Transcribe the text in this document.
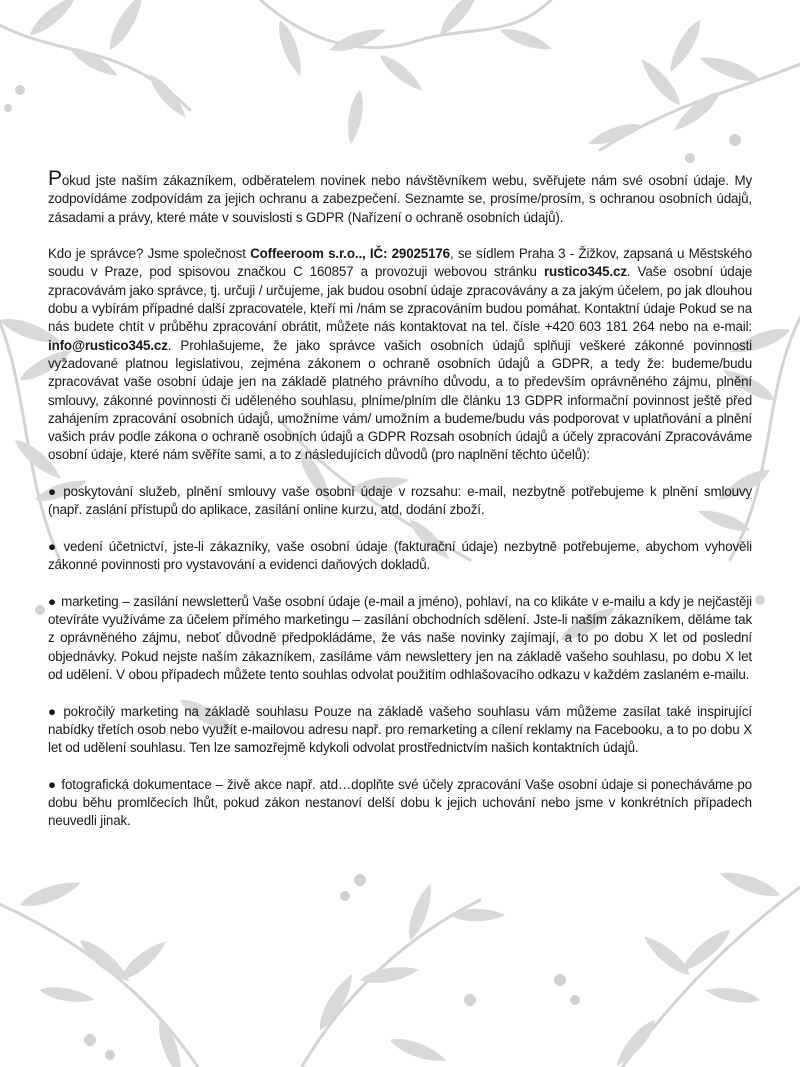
Pokud jste naším zákazníkem, odběratelem novinek nebo návštěvníkem webu, svěřujete nám své osobní údaje. My zodpovídáme zodpovídám za jejich ochranu a zabezpečení. Seznamte se, prosíme/prosím, s ochranou osobních údajů, zásadami a právy, které máte v souvislosti s GDPR (Nařízení o ochraně osobních údajů).

Kdo je správce? Jsme společnost Coffeeroom s.r.o.., IČ: 29025176, se sídlem Praha 3 - Žižkov, zapsaná u Městského soudu v Praze, pod spisovou značkou C 160857 a provozuji webovou stránku rustico345.cz. Vaše osobní údaje zpracovávám jako správce, tj. určuji / určujeme, jak budou osobní údaje zpracovávány a za jakým účelem, po jak dlouhou dobu a vybírám případné další zpracovatele, kteří mi /nám se zpracováním budou pomáhat. Kontaktní údaje Pokud se na nás budete chtít v průběhu zpracování obrátit, můžete nás kontaktovat na tel. čísle +420 603 181 264 nebo na e-mail: info@rustico345.cz. Prohlašujeme, že jako správce vašich osobních údajů splňuji veškeré zákonné povinnosti vyžadované platnou legislativou, zejména zákonem o ochraně osobních údajů a GDPR, a tedy že: budeme/budu zpracovávat vaše osobní údaje jen na základě platného právního důvodu, a to především oprávněného zájmu, plnění smlouvy, zákonné povinnosti či uděleného souhlasu, plníme/plním dle článku 13 GDPR informační povinnost ještě před zahájením zpracování osobních údajů, umožníme vám/ umožním a budeme/budu vás podporovat v uplatňování a plnění vašich práv podle zákona o ochraně osobních údajů a GDPR Rozsah osobních údajů a účely zpracování Zpracováváme osobní údaje, které nám svěříte sami, a to z následujících důvodů (pro naplnění těchto účelů):

● poskytování služeb, plnění smlouvy vaše osobní údaje v rozsahu: e-mail, nezbytně potřebujeme k plnění smlouvy (např. zaslání přístupů do aplikace, zasílání online kurzu, atd, dodání zboží.

● vedení účetnictví, jste-li zákazníky, vaše osobní údaje (fakturační údaje) nezbytně potřebujeme, abychom vyhověli zákonné povinnosti pro vystavování a evidenci daňových dokladů.

● marketing – zasílání newsletterů Vaše osobní údaje (e-mail a jméno), pohlaví, na co klikáte v e-mailu a kdy je nejčastěji otevíráte využíváme za účelem přímého marketingu – zasílání obchodních sdělení. Jste-li naším zákazníkem, děláme tak z oprávněného zájmu, neboť důvodně předpokládáme, že vás naše novinky zajímají, a to po dobu X let od poslední objednávky. Pokud nejste naším zákazníkem, zasíláme vám newslettery jen na základě vašeho souhlasu, po dobu X let od udělení. V obou případech můžete tento souhlas odvolat použitím odhlašovacího odkazu v každém zaslaném e-mailu.

● pokročilý marketing na základě souhlasu Pouze na základě vašeho souhlasu vám můžeme zasílat také inspirující nabídky třetích osob nebo využít e-mailovou adresu např. pro remarketing a cílení reklamy na Facebooku, a to po dobu X let od udělení souhlasu. Ten lze samozřejmě kdykoli odvolat prostřednictvím našich kontaktních údajů.

● fotografická dokumentace – živě akce např. atd…doplňte své účely zpracování Vaše osobní údaje si ponecháváme po dobu běhu promlčecích lhůt, pokud zákon nestanoví delší dobu k jejich uchování nebo jsme v konkrétních případech neuvedli jinak.
